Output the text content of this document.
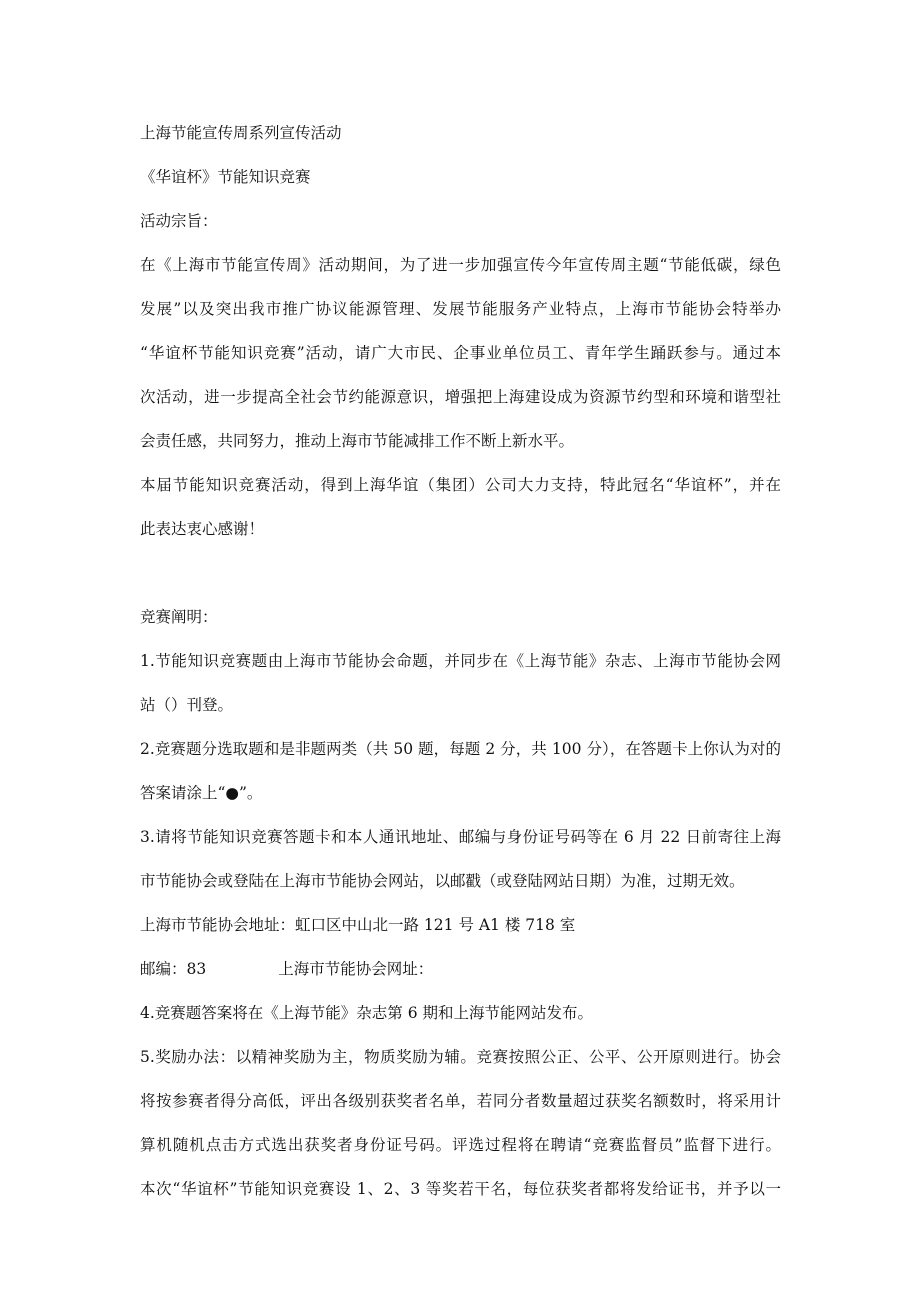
上海节能宣传周系列宣传活动
《华谊杯》节能知识竞赛
活动宗旨：
在《上海市节能宣传周》活动期间，为了进一步加强宣传今年宣传周主题“节能低碳，绿色
发展”以及突出我市推广协议能源管理、发展节能服务产业特点，上海市节能协会特举办
“华谊杯节能知识竞赛”活动，请广大市民、企事业单位员工、青年学生踊跃参与。通过本
次活动，进一步提高全社会节约能源意识，增强把上海建设成为资源节约型和环境和谐型社
会责任感，共同努力，推动上海市节能减排工作不断上新水平。
本届节能知识竞赛活动，得到上海华谊（集团）公司大力支持，特此冠名“华谊杯”，并在
此表达衷心感谢！
竞赛阐明：
1.节能知识竞赛题由上海市节能协会命题，并同步在《上海节能》杂志、上海市节能协会网
站（）刊登。
2.竞赛题分选取题和是非题两类（共 50 题，每题 2 分，共 100 分），在答题卡上你认为对的
答案请涂上“●”。
3.请将节能知识竞赛答题卡和本人通讯地址、邮编与身份证号码等在 6 月 22 日前寄往上海
市节能协会或登陆在上海市节能协会网站，以邮戳（或登陆网站日期）为准，过期无效。
上海市节能协会地址：虹口区中山北一路 121 号 A1 楼 718 室
邮编：83	上海市节能协会网址：
4.竞赛题答案将在《上海节能》杂志第 6 期和上海节能网站发布。
5.奖励办法：以精神奖励为主，物质奖励为辅。竞赛按照公正、公平、公开原则进行。协会
将按参赛者得分高低，评出各级别获奖者名单，若同分者数量超过获奖名额数时，将采用计
算机随机点击方式选出获奖者身份证号码。评选过程将在聘请“竞赛监督员”监督下进行。
本次“华谊杯”节能知识竞赛设 1、2、3 等奖若干名，每位获奖者都将发给证书，并予以一
